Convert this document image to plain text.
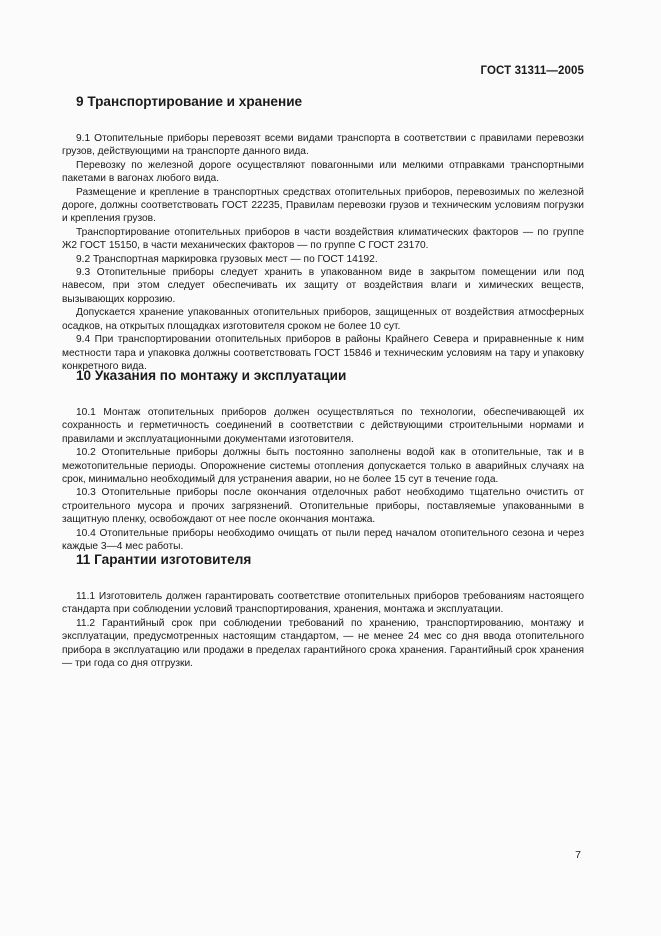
ГОСТ 31311—2005
9 Транспортирование и хранение

9.1 Отопительные приборы перевозят всеми видами транспорта в соответствии с правилами перевозки грузов, действующими на транспорте данного вида.

Перевозку по железной дороге осуществляют повагонными или мелкими отправками транспортными пакетами в вагонах любого вида.

Размещение и крепление в транспортных средствах отопительных приборов, перевозимых по железной дороге, должны соответствовать ГОСТ 22235, Правилам перевозки грузов и техническим условиям погрузки и крепления грузов.

Транспортирование отопительных приборов в части воздействия климатических факторов — по группе Ж2 ГОСТ 15150, в части механических факторов — по группе С ГОСТ 23170.

9.2 Транспортная маркировка грузовых мест — по ГОСТ 14192.

9.3 Отопительные приборы следует хранить в упакованном виде в закрытом помещении или под навесом, при этом следует обеспечивать их защиту от воздействия влаги и химических веществ, вызывающих коррозию.

Допускается хранение упакованных отопительных приборов, защищенных от воздействия атмосферных осадков, на открытых площадках изготовителя сроком не более 10 сут.

9.4 При транспортировании отопительных приборов в районы Крайнего Севера и приравненные к ним местности тара и упаковка должны соответствовать ГОСТ 15846 и техническим условиям на тару и упаковку конкретного вида.

10 Указания по монтажу и эксплуатации

10.1 Монтаж отопительных приборов должен осуществляться по технологии, обеспечивающей их сохранность и герметичность соединений в соответствии с действующими строительными нормами и правилами и эксплуатационными документами изготовителя.

10.2 Отопительные приборы должны быть постоянно заполнены водой как в отопительные, так и в межотопительные периоды. Опорожнение системы отопления допускается только в аварийных случаях на срок, минимально необходимый для устранения аварии, но не более 15 сут в течение года.

10.3 Отопительные приборы после окончания отделочных работ необходимо тщательно очистить от строительного мусора и прочих загрязнений. Отопительные приборы, поставляемые упакованными в защитную пленку, освобождают от нее после окончания монтажа.

10.4 Отопительные приборы необходимо очищать от пыли перед началом отопительного сезона и через каждые 3—4 мес работы.

11 Гарантии изготовителя

11.1 Изготовитель должен гарантировать соответствие отопительных приборов требованиям настоящего стандарта при соблюдении условий транспортирования, хранения, монтажа и эксплуатации.

11.2 Гарантийный срок при соблюдении требований по хранению, транспортированию, монтажу и эксплуатации, предусмотренных настоящим стандартом, — не менее 24 мес со дня ввода отопительного прибора в эксплуатацию или продажи в пределах гарантийного срока хранения. Гарантийный срок хранения — три года со дня отгрузки.

7
